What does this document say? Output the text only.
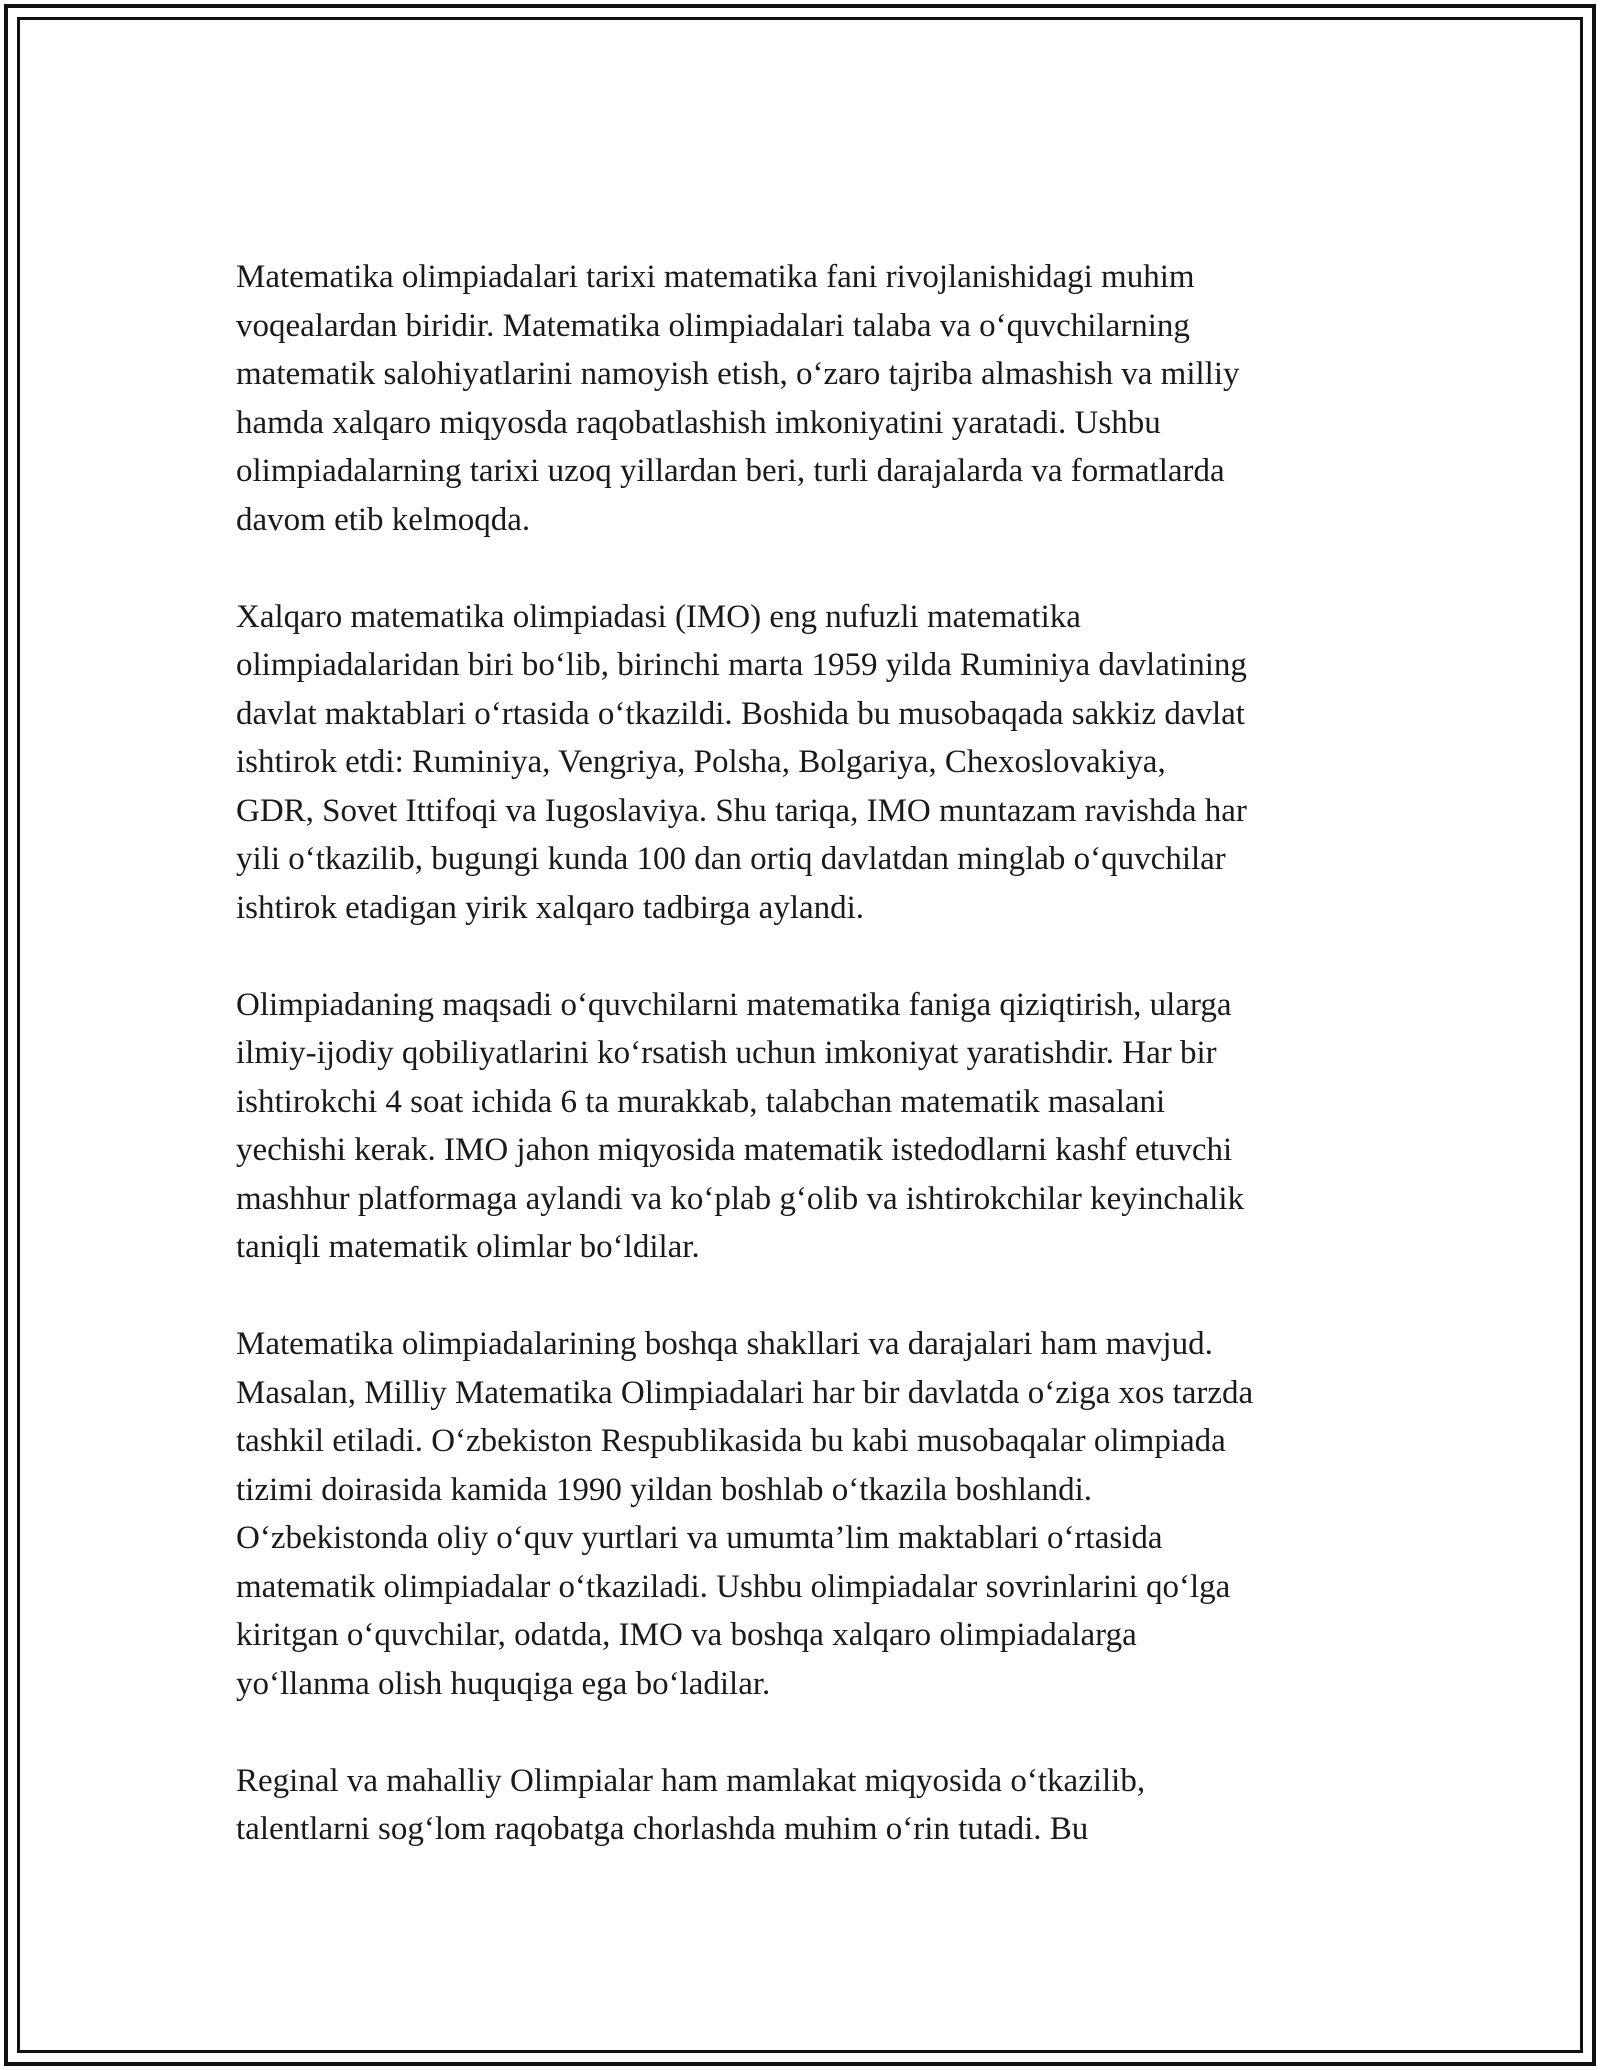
Matematika olimpiadalari tarixi matematika fani rivojlanishidagi muhim
voqealardan biridir. Matematika olimpiadalari talaba va o‘quvchilarning
matematik salohiyatlarini namoyish etish, o‘zaro tajriba almashish va milliy
hamda xalqaro miqyosda raqobatlashish imkoniyatini yaratadi. Ushbu
olimpiadalarning tarixi uzoq yillardan beri, turli darajalarda va formatlarda
davom etib kelmoqda.
Xalqaro matematika olimpiadasi (IMO) eng nufuzli matematika
olimpiadalaridan biri bo‘lib, birinchi marta 1959 yilda Ruminiya davlatining
davlat maktablari o‘rtasida o‘tkazildi. Boshida bu musobaqada sakkiz davlat
ishtirok etdi: Ruminiya, Vengriya, Polsha, Bolgariya, Chexoslovakiya,
GDR, Sovet Ittifoqi va Iugoslaviya. Shu tariqa, IMO muntazam ravishda har
yili o‘tkazilib, bugungi kunda 100 dan ortiq davlatdan minglab o‘quvchilar
ishtirok etadigan yirik xalqaro tadbirga aylandi.
Olimpiadaning maqsadi o‘quvchilarni matematika faniga qiziqtirish, ularga
ilmiy-ijodiy qobiliyatlarini ko‘rsatish uchun imkoniyat yaratishdir. Har bir
ishtirokchi 4 soat ichida 6 ta murakkab, talabchan matematik masalani
yechishi kerak. IMO jahon miqyosida matematik istedodlarni kashf etuvchi
mashhur platformaga aylandi va ko‘plab g‘olib va ishtirokchilar keyinchalik
taniqli matematik olimlar bo‘ldilar.
Matematika olimpiadalarining boshqa shakllari va darajalari ham mavjud.
Masalan, Milliy Matematika Olimpiadalari har bir davlatda o‘ziga xos tarzda
tashkil etiladi. O‘zbekiston Respublikasida bu kabi musobaqalar olimpiada
tizimi doirasida kamida 1990 yildan boshlab o‘tkazila boshlandi.
O‘zbekistonda oliy o‘quv yurtlari va umumta’lim maktablari o‘rtasida
matematik olimpiadalar o‘tkaziladi. Ushbu olimpiadalar sovrinlarini qo‘lga
kiritgan o‘quvchilar, odatda, IMO va boshqa xalqaro olimpiadalarga
yo‘llanma olish huquqiga ega bo‘ladilar.
Reginal va mahalliy Olimpialar ham mamlakat miqyosida o‘tkazilib,
talentlarni sog‘lom raqobatga chorlashda muhim o‘rin tutadi. Bu
